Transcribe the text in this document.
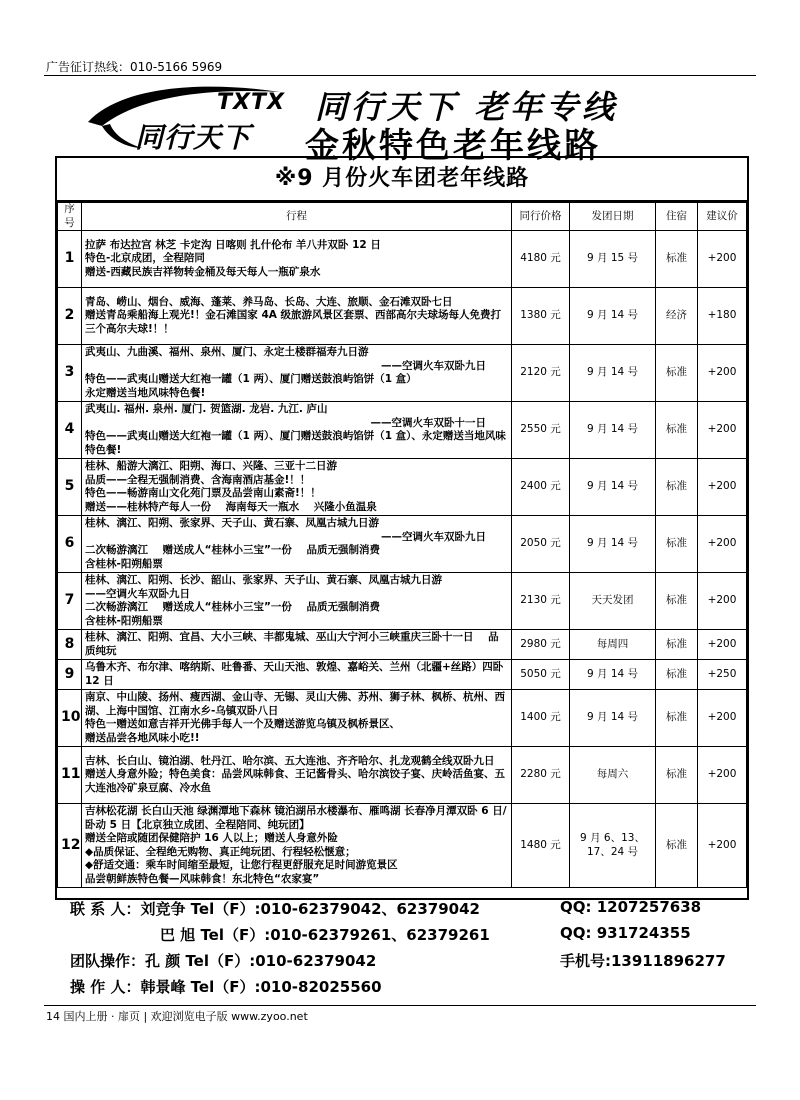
广告征订热线：010-5166 5969
TXTX
同行天下
同行天下 老年专线
金秋特色老年线路
※9 月份火车团老年线路
序号	行程	同行价格	发团日期	住宿	建议价
1	拉萨 布达拉宫 林芝 卡定沟 日喀则 扎什伦布 羊八井双卧 12 日
特色-北京成团，全程陪同
赠送-西藏民族吉祥物转金桶及每天每人一瓶矿泉水	4180 元	9 月 15 号	标准	+200
2	青岛、崂山、烟台、威海、蓬莱、养马岛、长岛、大连、旅顺、金石滩双卧七日
赠送青岛乘船海上观光!！金石滩国家 4A 级旅游风景区套票、西部高尔夫球场每人免费打三个高尔夫球!！！	1380 元	9 月 14 号	经济	+180
3	武夷山、九曲溪、福州、泉州、厦门、永定土楼群福寿九日游
——空调火车双卧九日
特色——武夷山赠送大红袍一罐（1 两）、厦门赠送鼓浪屿馅饼（1 盒）
永定赠送当地风味特色餐!	2120 元	9 月 14 号	标准	+200
4	武夷山. 福州. 泉州. 厦门. 贺篮湖. 龙岩. 九江. 庐山
——空调火车双卧十一日
特色——武夷山赠送大红袍一罐（1 两）、厦门赠送鼓浪屿馅饼（1 盒）、永定赠送当地风味特色餐!	2550 元	9 月 14 号	标准	+200
5	桂林、船游大漓江、阳朔、海口、兴隆、三亚十二日游
品质——全程无强制消费、含海南酒店基金!！！
特色——畅游南山文化苑门票及品尝南山素斋!！！
赠送——桂林特产每人一份    海南每天一瓶水    兴隆小鱼温泉	2400 元	9 月 14 号	标准	+200
6	桂林、漓江、阳朔、张家界、天子山、黄石寨、凤凰古城九日游
——空调火车双卧九日
二次畅游漓江    赠送成人“桂林小三宝”一份    品质无强制消费
含桂林-阳朔船票	2050 元	9 月 14 号	标准	+200
7	桂林、漓江、阳朔、长沙、韶山、张家界、天子山、黄石寨、凤凰古城九日游
——空调火车双卧九日
二次畅游漓江    赠送成人“桂林小三宝”一份    品质无强制消费
含桂林-阳朔船票	2130 元	天天发团	标准	+200
8	桂林、漓江、阳朔、宜昌、大小三峡、丰都鬼城、巫山大宁河小三峡重庆三卧十一日    品质纯玩	2980 元	每周四	标准	+200
9	乌鲁木齐、布尔津、喀纳斯、吐鲁番、天山天池、敦煌、嘉峪关、兰州（北疆+丝路）四卧 12 日	5050 元	9 月 14 号	标准	+250
10	南京、中山陵、扬州、瘦西湖、金山寺、无锡、灵山大佛、苏州、狮子林、枫桥、杭州、西湖、上海中国馆、江南水乡-乌镇双卧八日
特色一赠送如意吉祥开光佛手每人一个及赠送游览乌镇及枫桥景区、
赠送品尝各地风味小吃!!	1400 元	9 月 14 号	标准	+200
11	吉林、长白山、镜泊湖、牡丹江、哈尔滨、五大连池、齐齐哈尔、扎龙观鹤全线双卧九日
赠送人身意外险；特色美食：品尝风味韩食、王记酱骨头、哈尔滨饺子宴、庆岭活鱼宴、五大连池冷矿泉豆腐、冷水鱼	2280 元	每周六	标准	+200
12	吉林松花湖 长白山天池 绿渊潭地下森林 镜泊湖吊水楼瀑布、雁鸣湖 长春净月潭双卧 6 日/卧动 5 日【北京独立成团、全程陪同、纯玩团】
赠送全陪或随团保健陪护 16 人以上；赠送人身意外险
◆品质保证、全程绝无购物、真正纯玩团、行程轻松惬意；
◆舒适交通：乘车时间缩至最短，让您行程更舒服充足时间游览景区
品尝朝鲜族特色餐—风味韩食！东北特色“农家宴”	1480 元	9 月 6、13、17、24 号	标准	+200
联 系 人：刘竞争 Tel（F）:010-62379042、62379042
巴 旭 Tel（F）:010-62379261、62379261
团队操作：孔 颜 Tel（F）:010-62379042
操 作 人：韩景峰 Tel（F）:010-82025560
QQ: 1207257638
QQ: 931724355
手机号:13911896277
14 国内上册 · 扉页 | 欢迎浏览电子版 www.zyoo.net
